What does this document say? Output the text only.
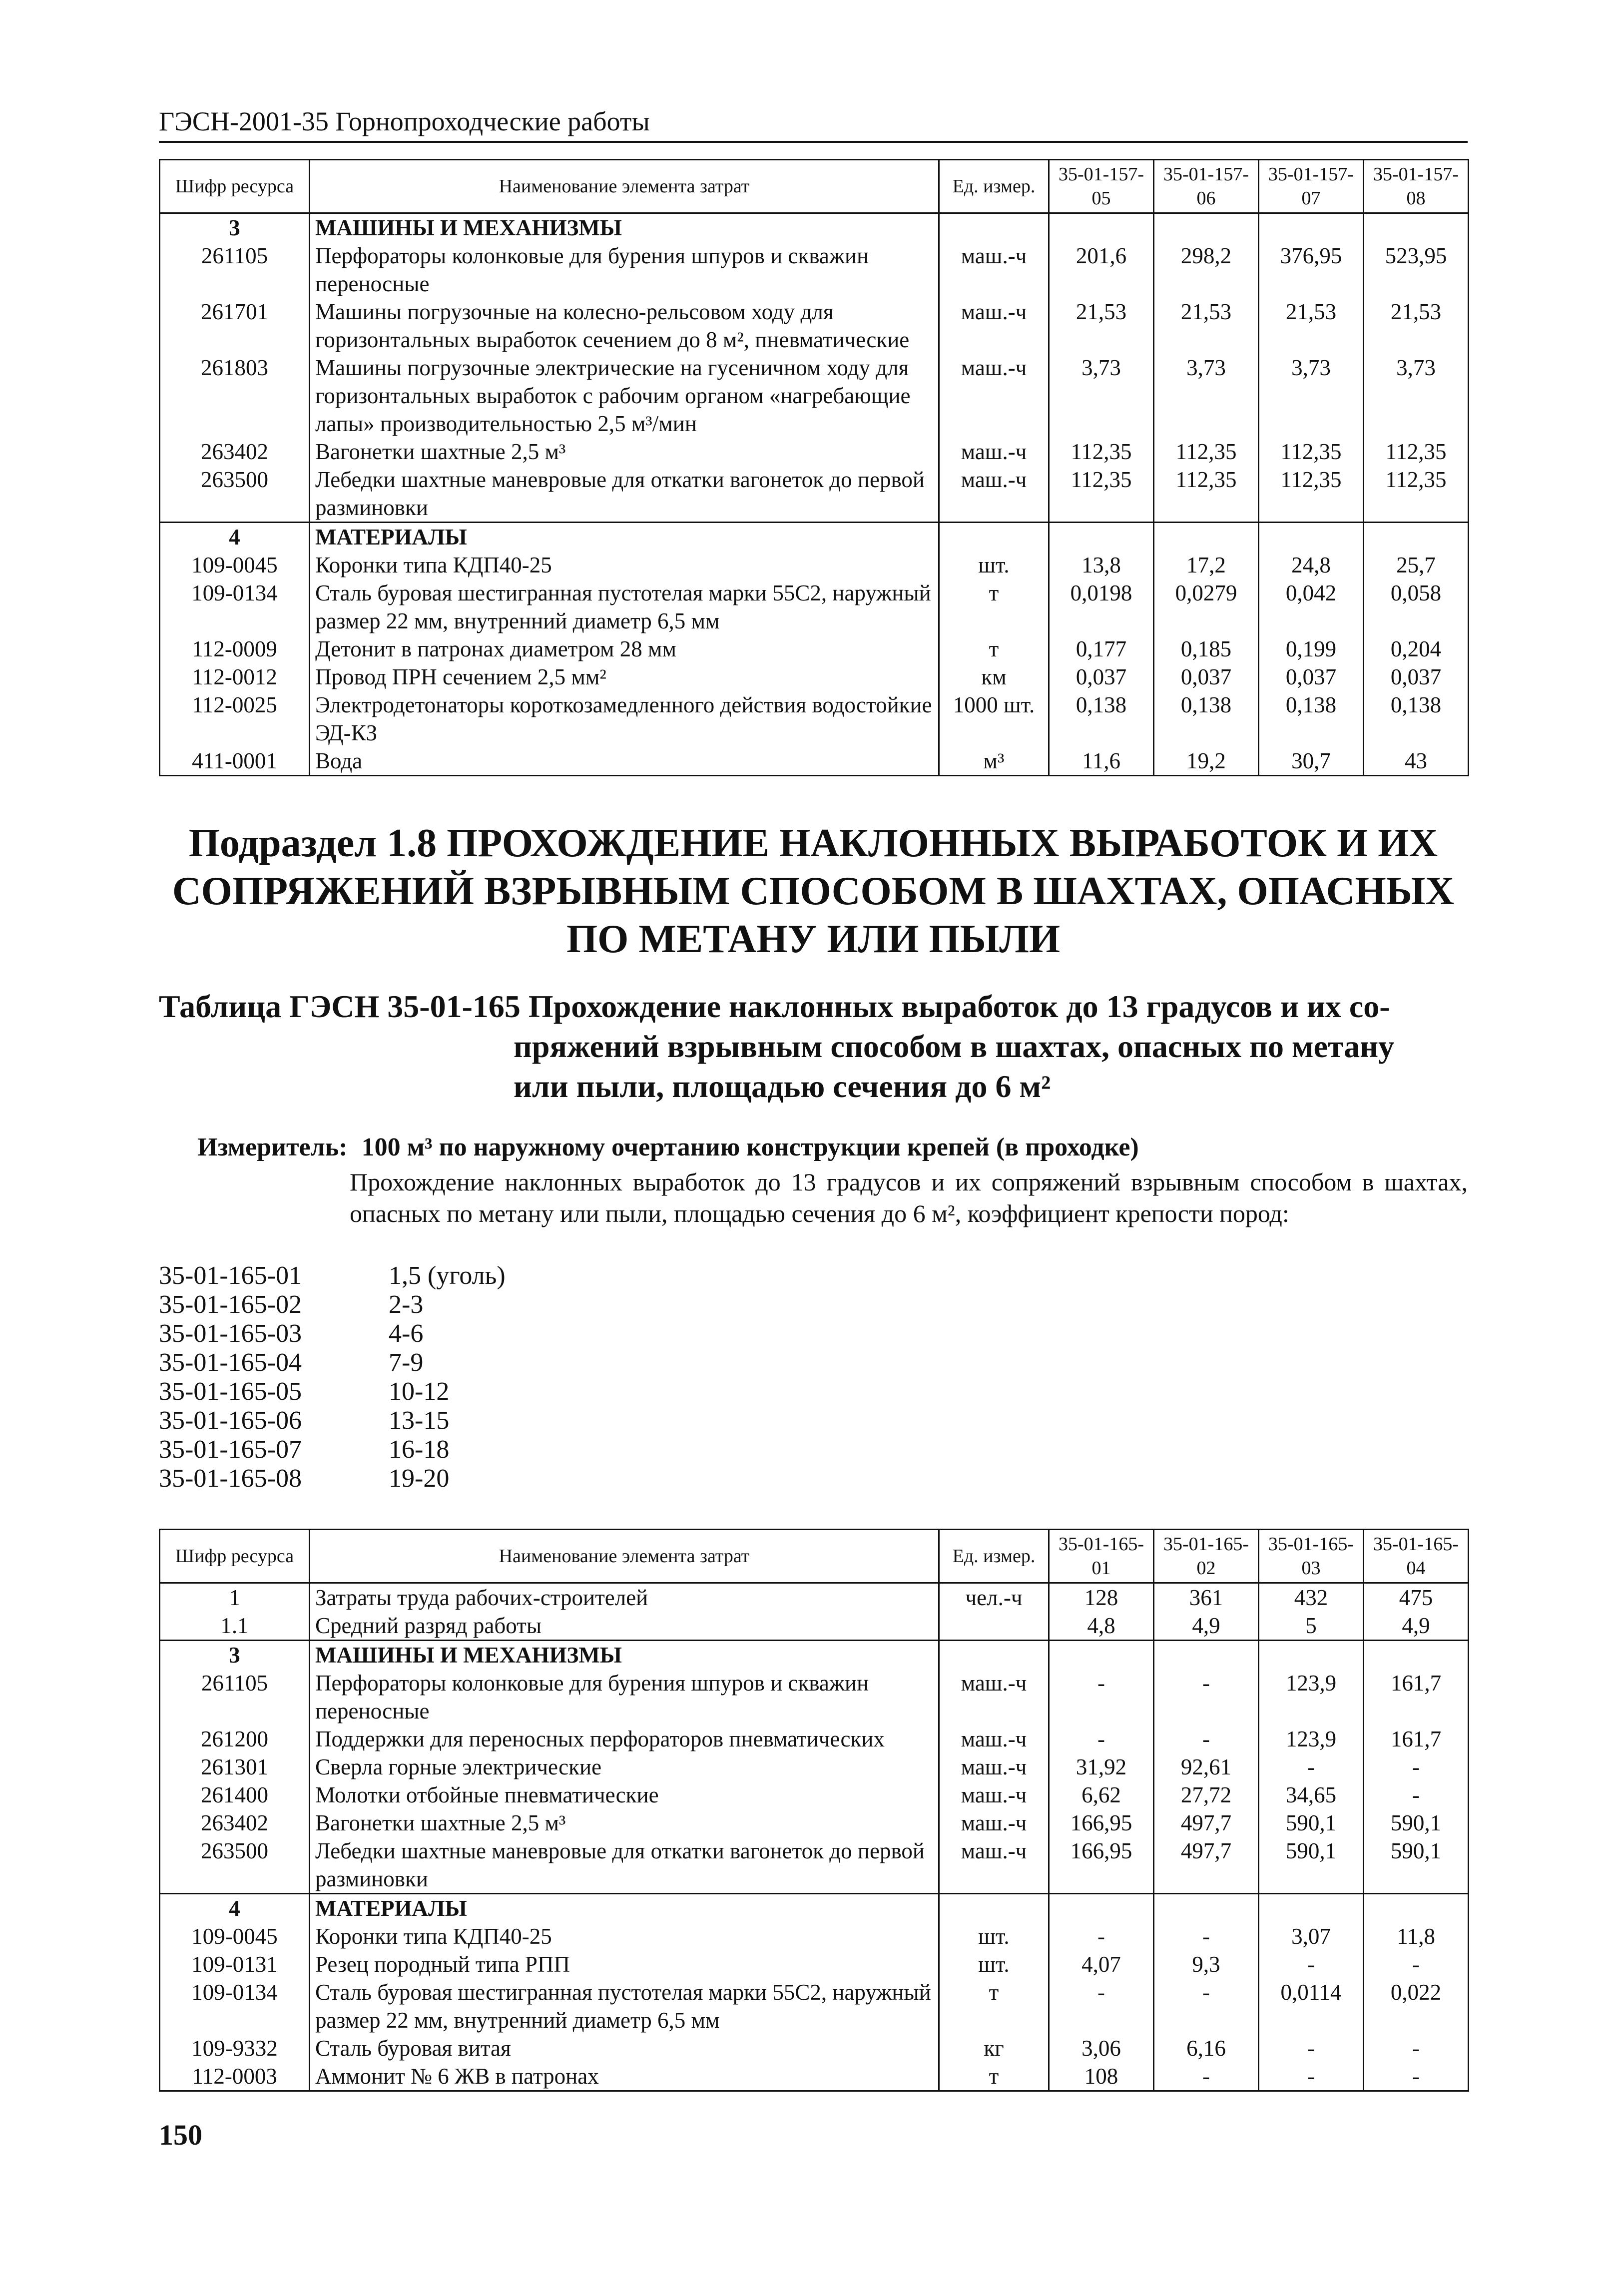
ГЭСН-2001-35 Горнопроходческие работы
Шифр ресурса	Наименование элемента затрат	Ед. измер.	35-01-157-05	35-01-157-06	35-01-157-07	35-01-157-08
3	МАШИНЫ И МЕХАНИЗМЫ					
261105	Перфораторы колонковые для бурения шпуров и скважин переносные	маш.-ч	201,6	298,2	376,95	523,95
261701	Машины погрузочные на колесно-рельсовом ходу для горизонтальных выработок сечением до 8 м², пневматические	маш.-ч	21,53	21,53	21,53	21,53
261803	Машины погрузочные электрические на гусеничном ходу для горизонтальных выработок с рабочим органом «нагребающие лапы» производительностью 2,5 м³/мин	маш.-ч	3,73	3,73	3,73	3,73
263402	Вагонетки шахтные 2,5 м³	маш.-ч	112,35	112,35	112,35	112,35
263500	Лебедки шахтные маневровые для откатки вагонеток до первой разминовки	маш.-ч	112,35	112,35	112,35	112,35
4	МАТЕРИАЛЫ					
109-0045	Коронки типа КДП40-25	шт.	13,8	17,2	24,8	25,7
109-0134	Сталь буровая шестигранная пустотелая марки 55С2, наружный размер 22 мм, внутренний диаметр 6,5 мм	т	0,0198	0,0279	0,042	0,058
112-0009	Детонит в патронах диаметром 28 мм	т	0,177	0,185	0,199	0,204
112-0012	Провод ПРН сечением 2,5 мм²	км	0,037	0,037	0,037	0,037
112-0025	Электродетонаторы короткозамедленного действия водостойкие ЭД-КЗ	1000 шт.	0,138	0,138	0,138	0,138
411-0001	Вода	м³	11,6	19,2	30,7	43
Подраздел 1.8 ПРОХОЖДЕНИЕ НАКЛОННЫХ ВЫРАБОТОК И ИХ СОПРЯЖЕНИЙ ВЗРЫВНЫМ СПОСОБОМ В ШАХТАХ, ОПАСНЫХ ПО МЕТАНУ ИЛИ ПЫЛИ
Таблица ГЭСН 35-01-165 Прохождение наклонных выработок до 13 градусов и их со-
пряжений взрывным способом в шахтах, опасных по метану
или пыли, площадью сечения до 6 м²
Измеритель: 100 м³ по наружному очертанию конструкции крепей (в проходке)
Прохождение наклонных выработок до 13 градусов и их сопряжений взрывным способом в шахтах, опасных по метану или пыли, площадью сечения до 6 м², коэффициент крепости пород:
35-01-165-01	1,5 (уголь)
35-01-165-02	2-3
35-01-165-03	4-6
35-01-165-04	7-9
35-01-165-05	10-12
35-01-165-06	13-15
35-01-165-07	16-18
35-01-165-08	19-20
Шифр ресурса	Наименование элемента затрат	Ед. измер.	35-01-165-01	35-01-165-02	35-01-165-03	35-01-165-04
1	Затраты труда рабочих-строителей	чел.-ч	128	361	432	475
1.1	Средний разряд работы		4,8	4,9	5	4,9
3	МАШИНЫ И МЕХАНИЗМЫ					
261105	Перфораторы колонковые для бурения шпуров и скважин переносные	маш.-ч	-	-	123,9	161,7
261200	Поддержки для переносных перфораторов пневматических	маш.-ч	-	-	123,9	161,7
261301	Сверла горные электрические	маш.-ч	31,92	92,61	-	-
261400	Молотки отбойные пневматические	маш.-ч	6,62	27,72	34,65	-
263402	Вагонетки шахтные 2,5 м³	маш.-ч	166,95	497,7	590,1	590,1
263500	Лебедки шахтные маневровые для откатки вагонеток до первой разминовки	маш.-ч	166,95	497,7	590,1	590,1
4	МАТЕРИАЛЫ					
109-0045	Коронки типа КДП40-25	шт.	-	-	3,07	11,8
109-0131	Резец породный типа РПП	шт.	4,07	9,3	-	-
109-0134	Сталь буровая шестигранная пустотелая марки 55С2, наружный размер 22 мм, внутренний диаметр 6,5 мм	т	-	-	0,0114	0,022
109-9332	Сталь буровая витая	кг	3,06	6,16	-	-
112-0003	Аммонит № 6 ЖВ в патронах	т	108	-	-	-
150
